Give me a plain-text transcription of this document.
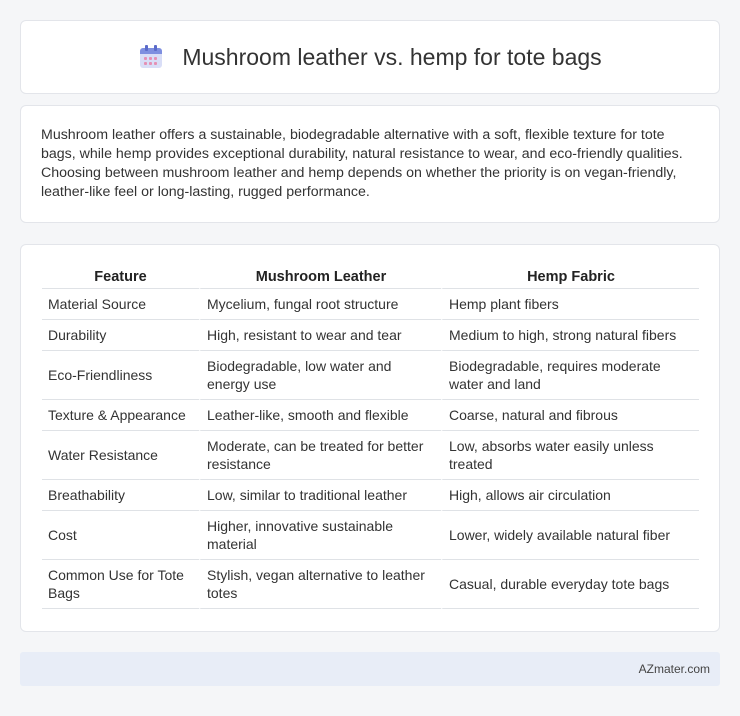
Mushroom leather vs. hemp for tote bags

Mushroom leather offers a sustainable, biodegradable alternative with a soft, flexible texture for tote bags, while hemp provides exceptional durability, natural resistance to wear, and eco-friendly qualities. Choosing between mushroom leather and hemp depends on whether the priority is on vegan-friendly, leather-like feel or long-lasting, rugged performance.

Feature	Mushroom Leather	Hemp Fabric
Material Source	Mycelium, fungal root structure	Hemp plant fibers
Durability	High, resistant to wear and tear	Medium to high, strong natural fibers
Eco-Friendliness	Biodegradable, low water and energy use	Biodegradable, requires moderate water and land
Texture & Appearance	Leather-like, smooth and flexible	Coarse, natural and fibrous
Water Resistance	Moderate, can be treated for better resistance	Low, absorbs water easily unless treated
Breathability	Low, similar to traditional leather	High, allows air circulation
Cost	Higher, innovative sustainable material	Lower, widely available natural fiber
Common Use for Tote Bags	Stylish, vegan alternative to leather totes	Casual, durable everyday tote bags
AZmater.com
